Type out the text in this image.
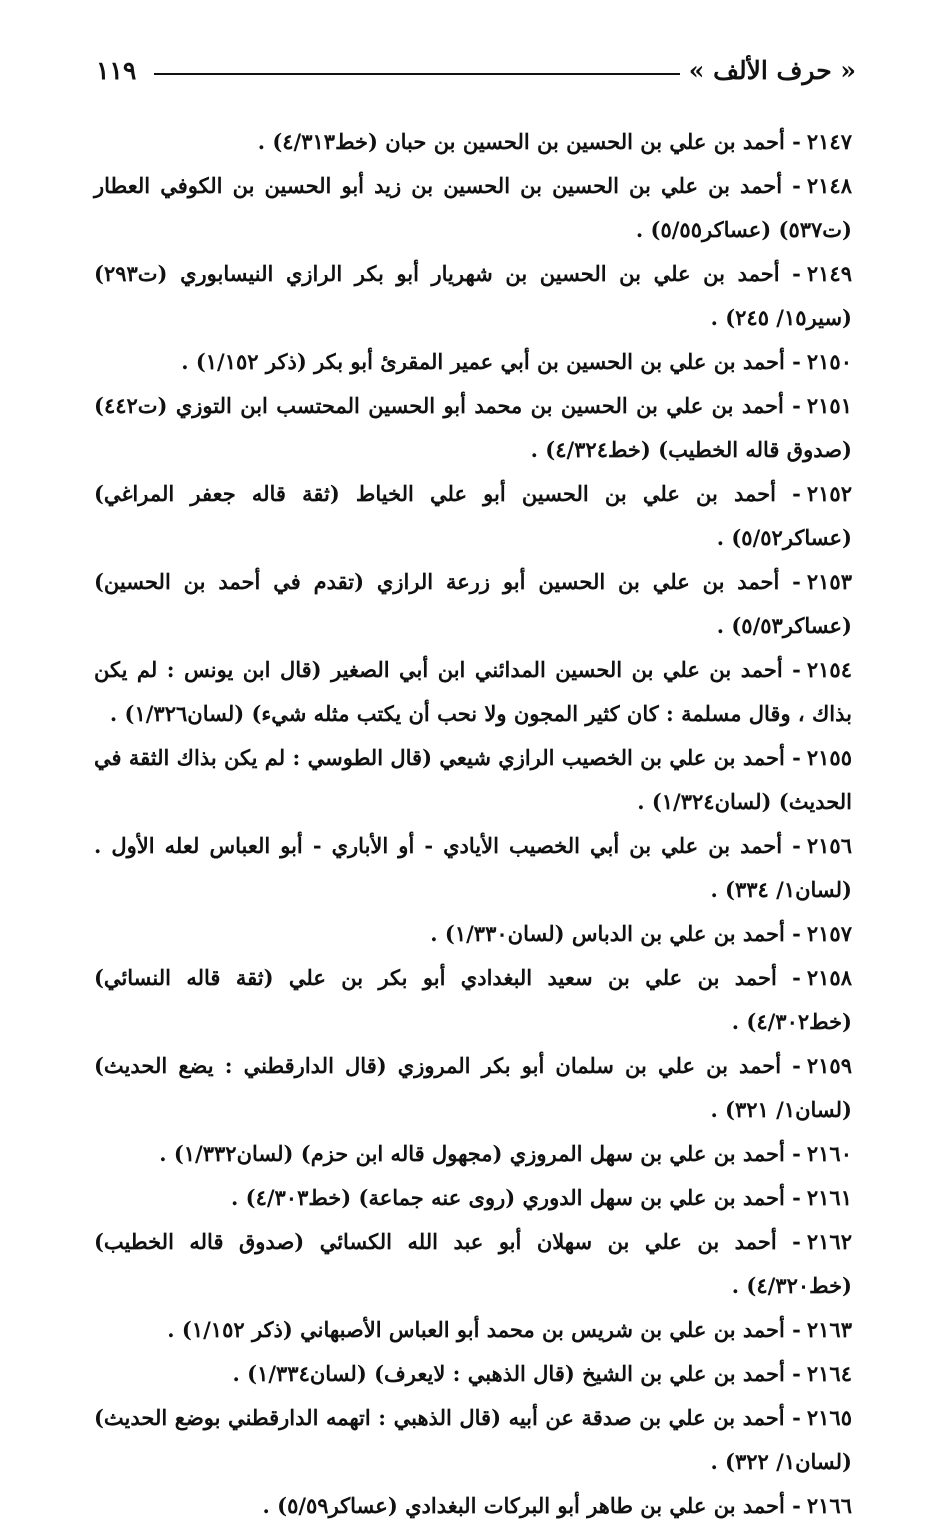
« حرف الألف »
١١٩
٢١٤٧- أحمد بن علي بن الحسين بن الحسين بن حبان (خط٤/٣١٣) .
٢١٤٨- أحمد بن علي بن الحسين بن الحسين بن زيد أبو الحسين بن الكوفي العطار (ت٥٣٧) (عساكر٥/٥٥) .
٢١٤٩- أحمد بن علي بن الحسين بن شهريار أبو بكر الرازي النيسابوري (ت٢٩٣) (سير١٥/ ٢٤٥) .
٢١٥٠- أحمد بن علي بن الحسين بن أبي عمير المقرئ أبو بكر (ذكر ١/١٥٢) .
٢١٥١- أحمد بن علي بن الحسين بن محمد أبو الحسين المحتسب ابن التوزي (ت٤٤٢) (صدوق قاله الخطيب) (خط٤/٣٢٤) .
٢١٥٢- أحمد بن علي بن الحسين أبو علي الخياط (ثقة قاله جعفر المراغي) (عساكر٥/٥٢) .
٢١٥٣- أحمد بن علي بن الحسين أبو زرعة الرازي (تقدم في أحمد بن الحسين) (عساكر٥/٥٣) .
٢١٥٤- أحمد بن علي بن الحسين المدائني ابن أبي الصغير (قال ابن يونس : لم يكن بذاك ، وقال مسلمة : كان كثير المجون ولا نحب أن يكتب مثله شيء) (لسان١/٣٢٦) .
٢١٥٥- أحمد بن علي بن الخصيب الرازي شيعي (قال الطوسي : لم يكن بذاك الثقة في الحديث) (لسان١/٣٢٤) .
٢١٥٦- أحمد بن علي بن أبي الخصيب الأيادي - أو الأباري - أبو العباس لعله الأول . (لسان١/ ٣٣٤) .
٢١٥٧- أحمد بن علي بن الدباس (لسان١/٣٣٠) .
٢١٥٨- أحمد بن علي بن سعيد البغدادي أبو بكر بن علي (ثقة قاله النسائي) (خط٤/٣٠٢) .
٢١٥٩- أحمد بن علي بن سلمان أبو بكر المروزي (قال الدارقطني : يضع الحديث) (لسان١/ ٣٢١) .
٢١٦٠- أحمد بن علي بن سهل المروزي (مجهول قاله ابن حزم) (لسان١/٣٣٢) .
٢١٦١- أحمد بن علي بن سهل الدوري (روى عنه جماعة) (خط٤/٣٠٣) .
٢١٦٢- أحمد بن علي بن سهلان أبو عبد الله الكسائي (صدوق قاله الخطيب) (خط٤/٣٢٠) .
٢١٦٣- أحمد بن علي بن شريس بن محمد أبو العباس الأصبهاني (ذكر ١/١٥٢) .
٢١٦٤- أحمد بن علي بن الشيخ (قال الذهبي : لايعرف) (لسان١/٣٣٤) .
٢١٦٥- أحمد بن علي بن صدقة عن أبيه (قال الذهبي : اتهمه الدارقطني بوضع الحديث) (لسان١/ ٣٢٢) .
٢١٦٦- أحمد بن علي بن طاهر أبو البركات البغدادي (عساكر٥/٥٩) .
